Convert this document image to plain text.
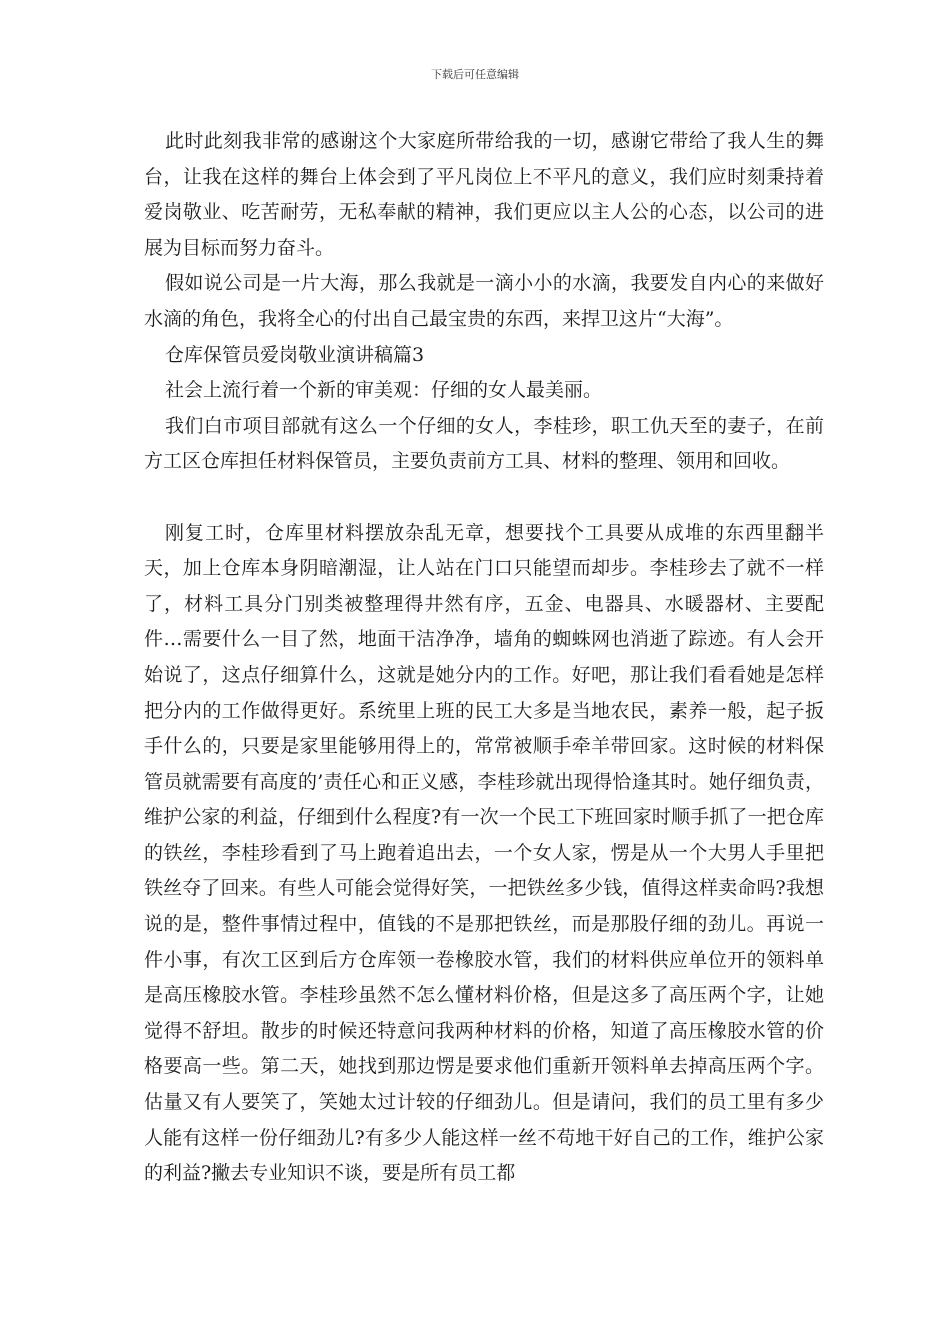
下载后可任意编辑

此时此刻我非常的感谢这个大家庭所带给我的一切，感谢它带给了我人生的舞台，让我在这样的舞台上体会到了平凡岗位上不平凡的意义，我们应时刻秉持着爱岗敬业、吃苦耐劳，无私奉献的精神，我们更应以主人公的心态，以公司的进展为目标而努力奋斗。

假如说公司是一片大海，那么我就是一滴小小的水滴，我要发自内心的来做好水滴的角色，我将全心的付出自己最宝贵的东西，来捍卫这片“大海”。

仓库保管员爱岗敬业演讲稿篇3

社会上流行着一个新的审美观：仔细的女人最美丽。

我们白市项目部就有这么一个仔细的女人，李桂珍，职工仇天至的妻子，在前方工区仓库担任材料保管员，主要负责前方工具、材料的整理、领用和回收。

刚复工时，仓库里材料摆放杂乱无章，想要找个工具要从成堆的东西里翻半天，加上仓库本身阴暗潮湿，让人站在门口只能望而却步。李桂珍去了就不一样了，材料工具分门别类被整理得井然有序，五金、电器具、水暖器材、主要配件…需要什么一目了然，地面干洁净净，墙角的蜘蛛网也消逝了踪迹。有人会开始说了，这点仔细算什么，这就是她分内的工作。好吧，那让我们看看她是怎样把分内的工作做得更好。系统里上班的民工大多是当地农民，素养一般，起子扳手什么的，只要是家里能够用得上的，常常被顺手牵羊带回家。这时候的材料保管员就需要有高度的’责任心和正义感，李桂珍就出现得恰逢其时。她仔细负责，维护公家的利益，仔细到什么程度?有一次一个民工下班回家时顺手抓了一把仓库的铁丝，李桂珍看到了马上跑着追出去，一个女人家，愣是从一个大男人手里把铁丝夺了回来。有些人可能会觉得好笑，一把铁丝多少钱，值得这样卖命吗?我想说的是，整件事情过程中，值钱的不是那把铁丝，而是那股仔细的劲儿。再说一件小事，有次工区到后方仓库领一卷橡胶水管，我们的材料供应单位开的领料单是高压橡胶水管。李桂珍虽然不怎么懂材料价格，但是这多了高压两个字，让她觉得不舒坦。散步的时候还特意问我两种材料的价格，知道了高压橡胶水管的价格要高一些。第二天，她找到那边愣是要求他们重新开领料单去掉高压两个字。估量又有人要笑了，笑她太过计较的仔细劲儿。但是请问，我们的员工里有多少人能有这样一份仔细劲儿?有多少人能这样一丝不苟地干好自己的工作，维护公家的利益?撇去专业知识不谈，要是所有员工都
